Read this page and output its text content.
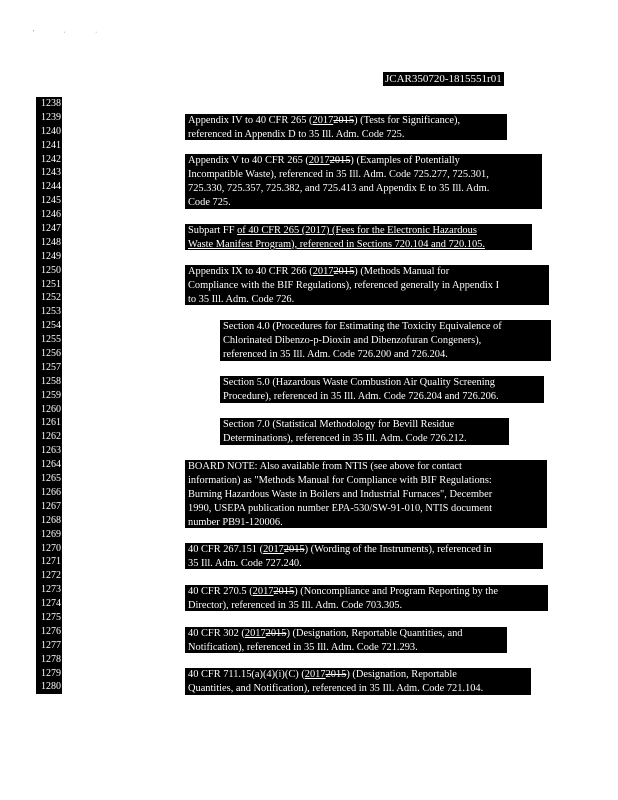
' · ·
JCAR350720-1815551r01
1238
1239
1240
1241
1242
1243
1244
1245
1246
1247
1248
1249
1250
1251
1252
1253
1254
1255
1256
1257
1258
1259
1260
1261
1262
1263
1264
1265
1266
1267
1268
1269
1270
1271
1272
1273
1274
1275
1276
1277
1278
1279
1280
Appendix IV to 40 CFR 265 (20172015) (Tests for Significance),
referenced in Appendix D to 35 Ill. Adm. Code 725.
Appendix V to 40 CFR 265 (20172015) (Examples of Potentially
Incompatible Waste), referenced in 35 Ill. Adm. Code 725.277, 725.301,
725.330, 725.357, 725.382, and 725.413 and Appendix E to 35 Ill. Adm.
Code 725.
Subpart FF of 40 CFR 265 (2017) (Fees for the Electronic Hazardous
Waste Manifest Program), referenced in Sections 720.104 and 720.105.
Appendix IX to 40 CFR 266 (20172015) (Methods Manual for
Compliance with the BIF Regulations), referenced generally in Appendix I
to 35 Ill. Adm. Code 726.
Section 4.0 (Procedures for Estimating the Toxicity Equivalence of
Chlorinated Dibenzo-p-Dioxin and Dibenzofuran Congeners),
referenced in 35 Ill. Adm. Code 726.200 and 726.204.
Section 5.0 (Hazardous Waste Combustion Air Quality Screening
Procedure), referenced in 35 Ill. Adm. Code 726.204 and 726.206.
Section 7.0 (Statistical Methodology for Bevill Residue
Determinations), referenced in 35 Ill. Adm. Code 726.212.
BOARD NOTE: Also available from NTIS (see above for contact
information) as "Methods Manual for Compliance with BIF Regulations:
Burning Hazardous Waste in Boilers and Industrial Furnaces", December
1990, USEPA publication number EPA-530/SW-91-010, NTIS document
number PB91-120006.
40 CFR 267.151 (20172015) (Wording of the Instruments), referenced in
35 Ill. Adm. Code 727.240.
40 CFR 270.5 (20172015) (Noncompliance and Program Reporting by the
Director), referenced in 35 Ill. Adm. Code 703.305.
40 CFR 302 (20172015) (Designation, Reportable Quantities, and
Notification), referenced in 35 Ill. Adm. Code 721.293.
40 CFR 711.15(a)(4)(i)(C) (20172015) (Designation, Reportable
Quantities, and Notification), referenced in 35 Ill. Adm. Code 721.104.
